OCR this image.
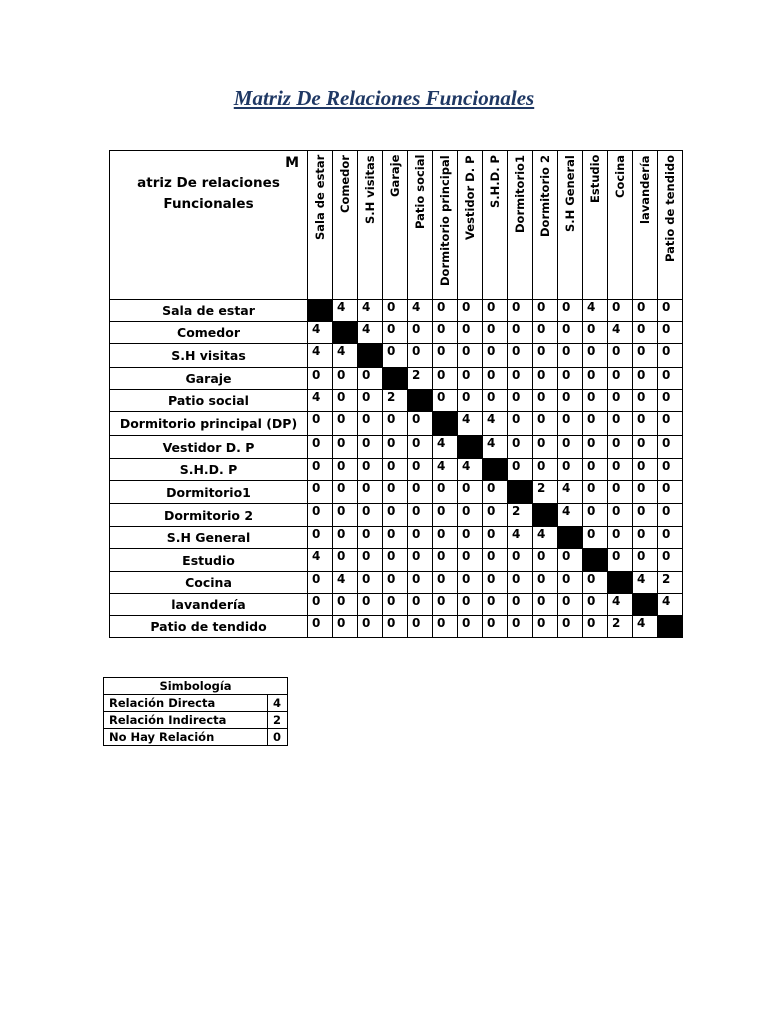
Matriz De Relaciones Funcionales
M
atriz De relaciones
Funcionales	Sala de estar	Comedor	S.H visitas	Garaje	Patio social	Dormitorio principal	Vestidor D. P	S.H.D. P	Dormitorio1	Dormitorio 2	S.H General	Estudio	Cocina	lavandería	Patio de tendido

Sala de estar		4	4	0	4	0	0	0	0	0	0	4	0	0	0
Comedor	4		4	0	0	0	0	0	0	0	0	0	4	0	0
S.H visitas	4	4		0	0	0	0	0	0	0	0	0	0	0	0
Garaje	0	0	0		2	0	0	0	0	0	0	0	0	0	0
Patio social	4	0	0	2		0	0	0	0	0	0	0	0	0	0
Dormitorio principal (DP)	0	0	0	0	0		4	4	0	0	0	0	0	0	0
Vestidor D. P	0	0	0	0	0	4		4	0	0	0	0	0	0	0
S.H.D. P	0	0	0	0	0	4	4		0	0	0	0	0	0	0
Dormitorio1	0	0	0	0	0	0	0	0		2	4	0	0	0	0
Dormitorio 2	0	0	0	0	0	0	0	0	2		4	0	0	0	0
S.H General	0	0	0	0	0	0	0	0	4	4		0	0	0	0
Estudio	4	0	0	0	0	0	0	0	0	0	0		0	0	0
Cocina	0	4	0	0	0	0	0	0	0	0	0	0		4	2
lavandería	0	0	0	0	0	0	0	0	0	0	0	0	4		4
Patio de tendido	0	0	0	0	0	0	0	0	0	0	0	0	2	4	
Simbología	
Relación Directa	4
Relación Indirecta	2
No Hay Relación	0
